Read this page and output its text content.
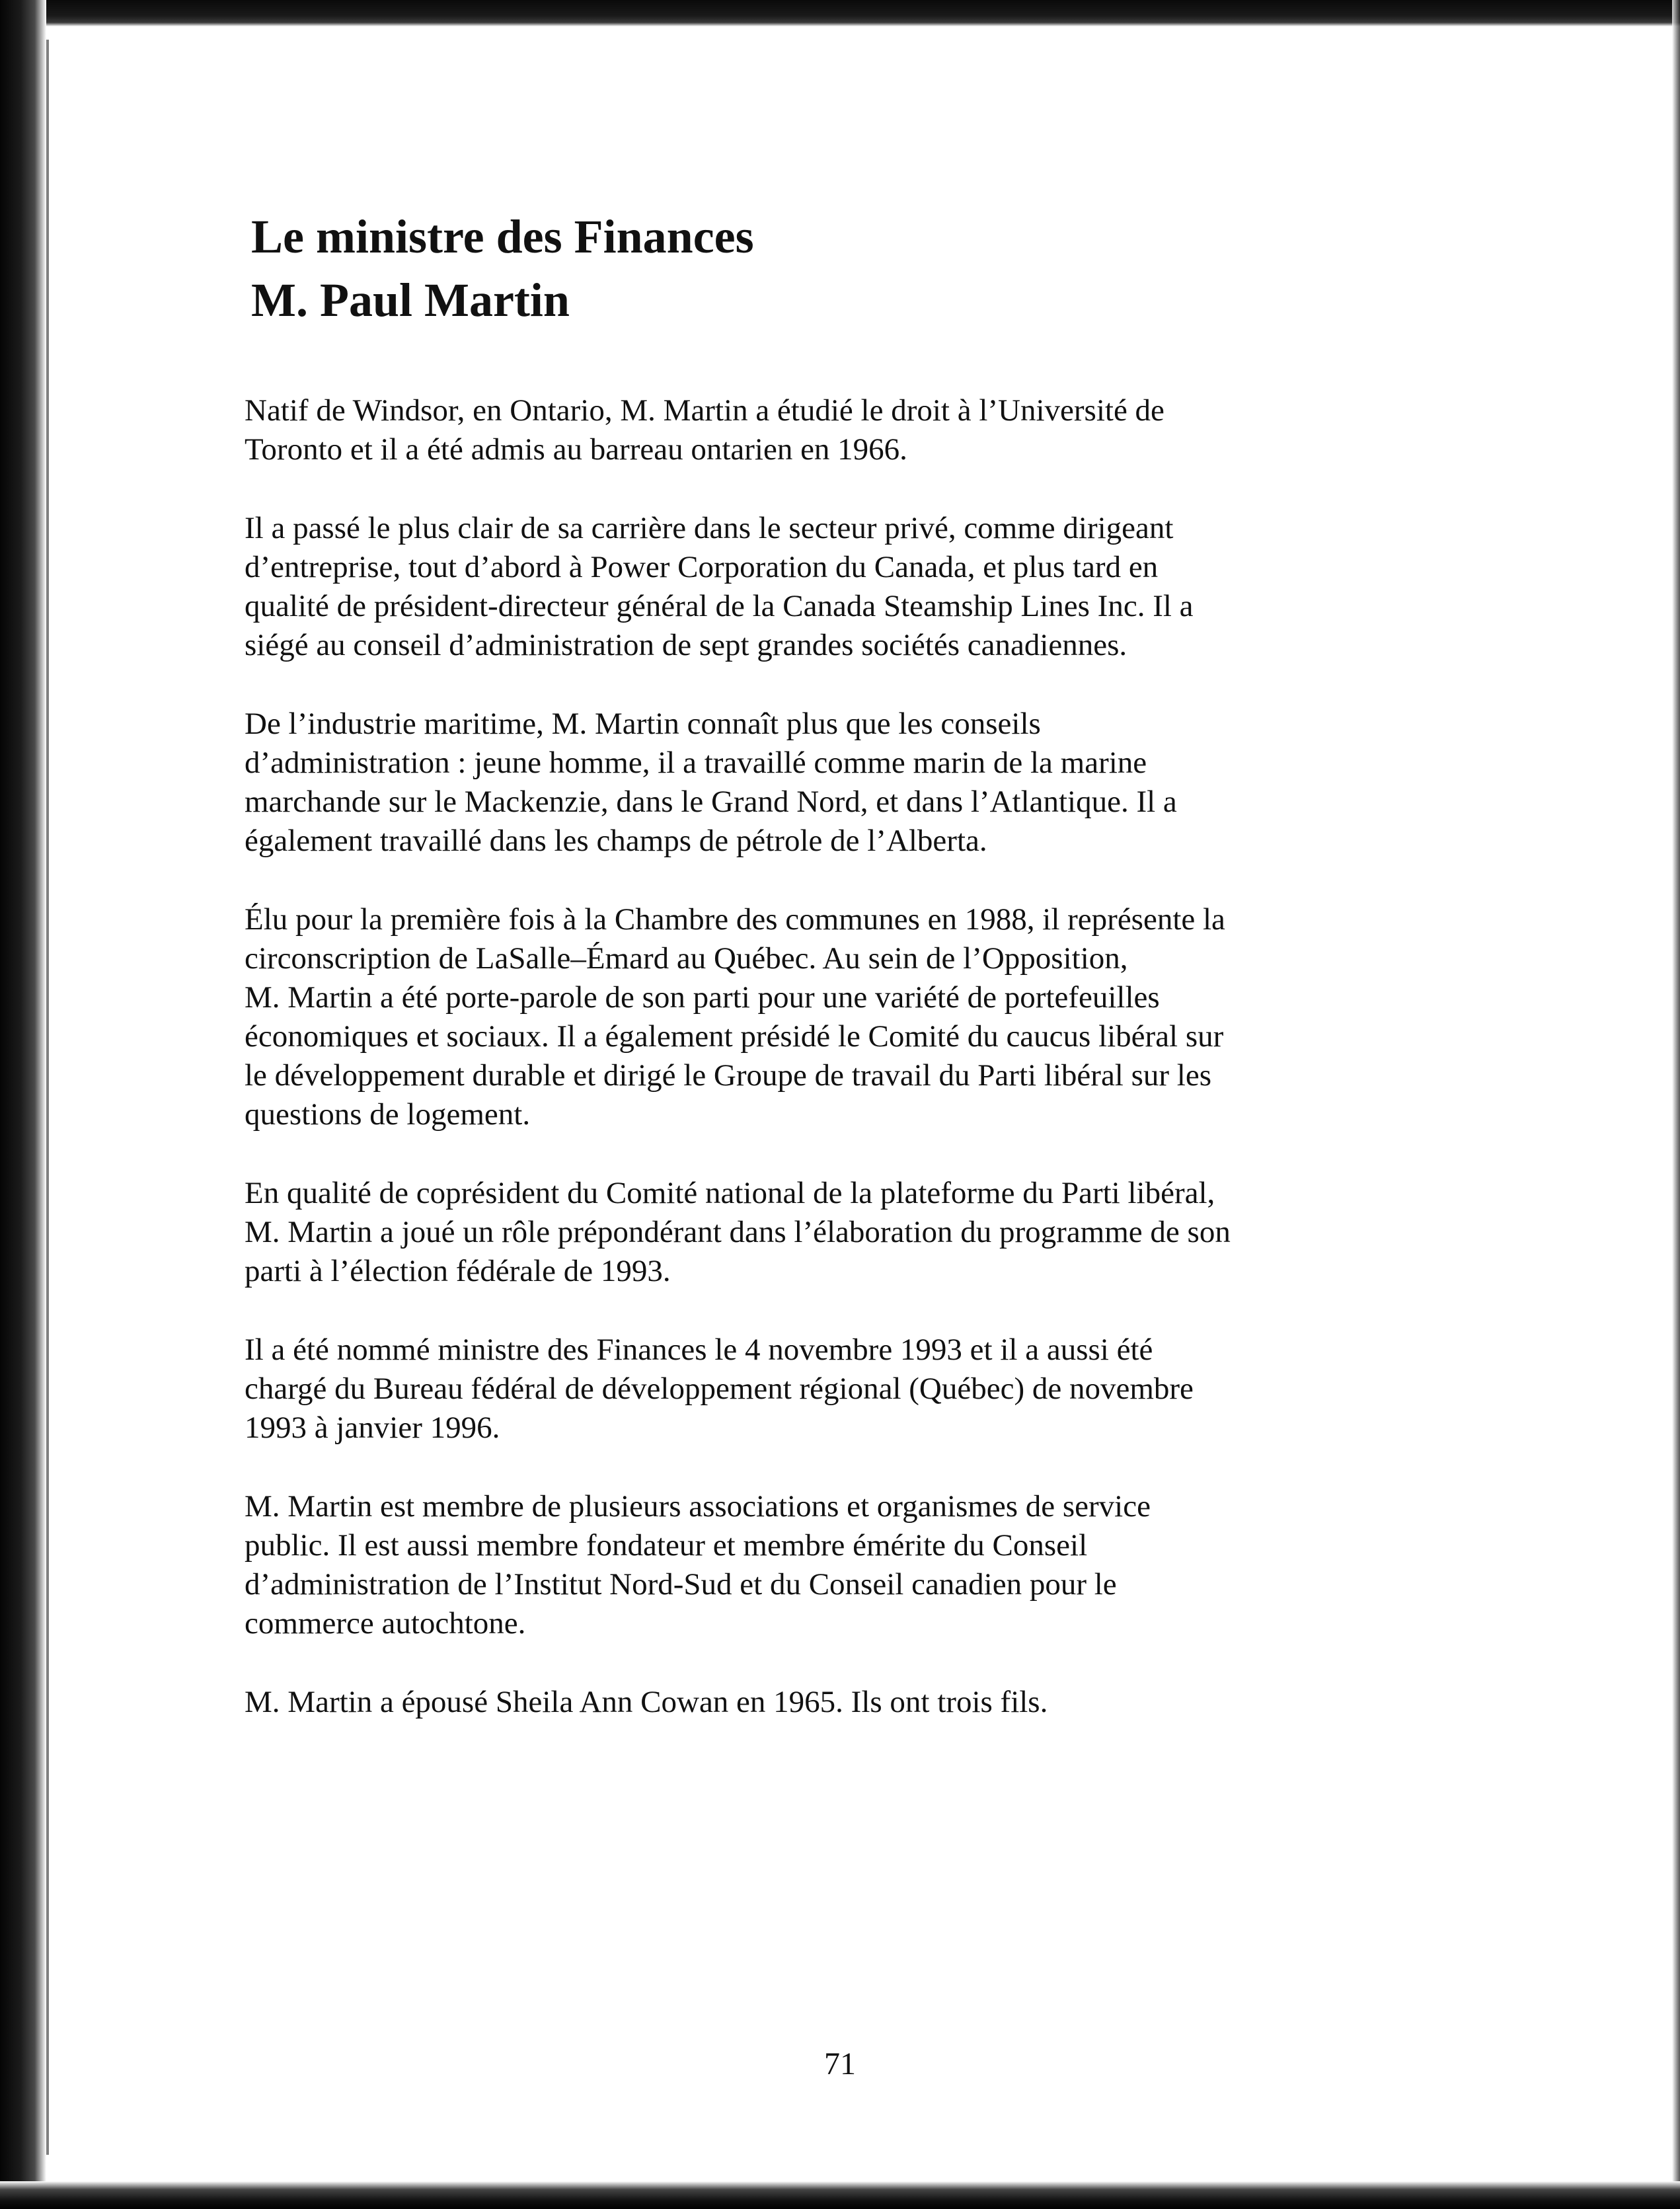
Le ministre des Finances
M. Paul Martin

Natif de Windsor, en Ontario, M. Martin a étudié le droit à l’Université de
Toronto et il a été admis au barreau ontarien en 1966.

Il a passé le plus clair de sa carrière dans le secteur privé, comme dirigeant
d’entreprise, tout d’abord à Power Corporation du Canada, et plus tard en
qualité de président-directeur général de la Canada Steamship Lines Inc. Il a
siégé au conseil d’administration de sept grandes sociétés canadiennes.

De l’industrie maritime, M. Martin connaît plus que les conseils
d’administration : jeune homme, il a travaillé comme marin de la marine
marchande sur le Mackenzie, dans le Grand Nord, et dans l’Atlantique. Il a
également travaillé dans les champs de pétrole de l’Alberta.

Élu pour la première fois à la Chambre des communes en 1988, il représente la
circonscription de LaSalle–Émard au Québec. Au sein de l’Opposition,
M. Martin a été porte-parole de son parti pour une variété de portefeuilles
économiques et sociaux. Il a également présidé le Comité du caucus libéral sur
le développement durable et dirigé le Groupe de travail du Parti libéral sur les
questions de logement.

En qualité de coprésident du Comité national de la plateforme du Parti libéral,
M. Martin a joué un rôle prépondérant dans l’élaboration du programme de son
parti à l’élection fédérale de 1993.

Il a été nommé ministre des Finances le 4 novembre 1993 et il a aussi été
chargé du Bureau fédéral de développement régional (Québec) de novembre
1993 à janvier 1996.

M. Martin est membre de plusieurs associations et organismes de service
public. Il est aussi membre fondateur et membre émérite du Conseil
d’administration de l’Institut Nord-Sud et du Conseil canadien pour le
commerce autochtone.

M. Martin a épousé Sheila Ann Cowan en 1965. Ils ont trois fils.

71
